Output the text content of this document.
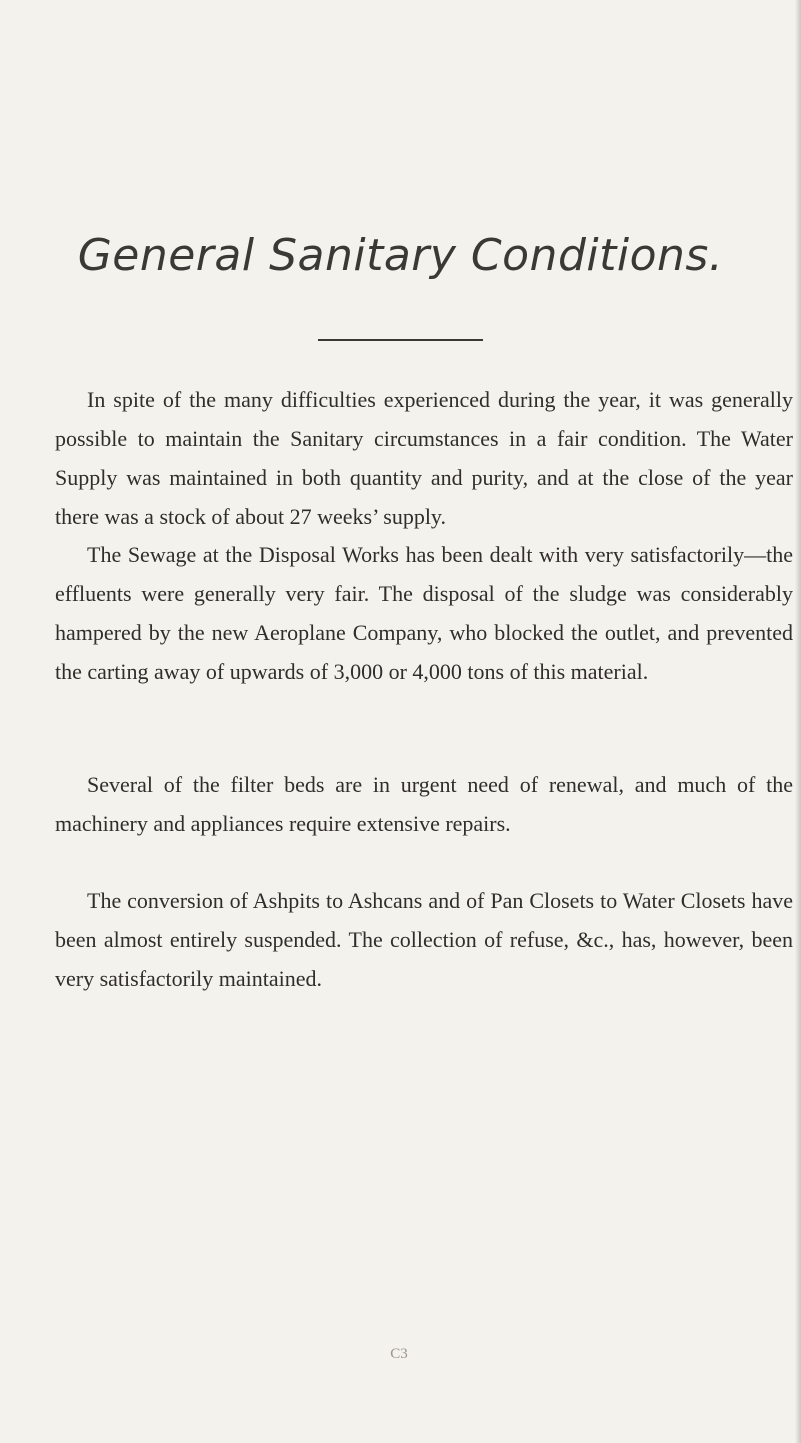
General Sanitary Conditions.

In spite of the many difficulties experienced during the year, it was generally possible to maintain the Sanitary circumstances in a fair condition. The Water Supply was maintained in both quantity and purity, and at the close of the year there was a stock of about 27 weeks’ supply.

The Sewage at the Disposal Works has been dealt with very satisfactorily—the effluents were generally very fair. The disposal of the sludge was considerably hampered by the new Aeroplane Company, who blocked the outlet, and prevented the carting away of upwards of 3,000 or 4,000 tons of this material.

Several of the filter beds are in urgent need of renewal, and much of the machinery and appliances require extensive repairs.

The conversion of Ashpits to Ashcans and of Pan Closets to Water Closets have been almost entirely suspended. The collection of refuse, &c., has, however, been very satisfactorily maintained.

C3
